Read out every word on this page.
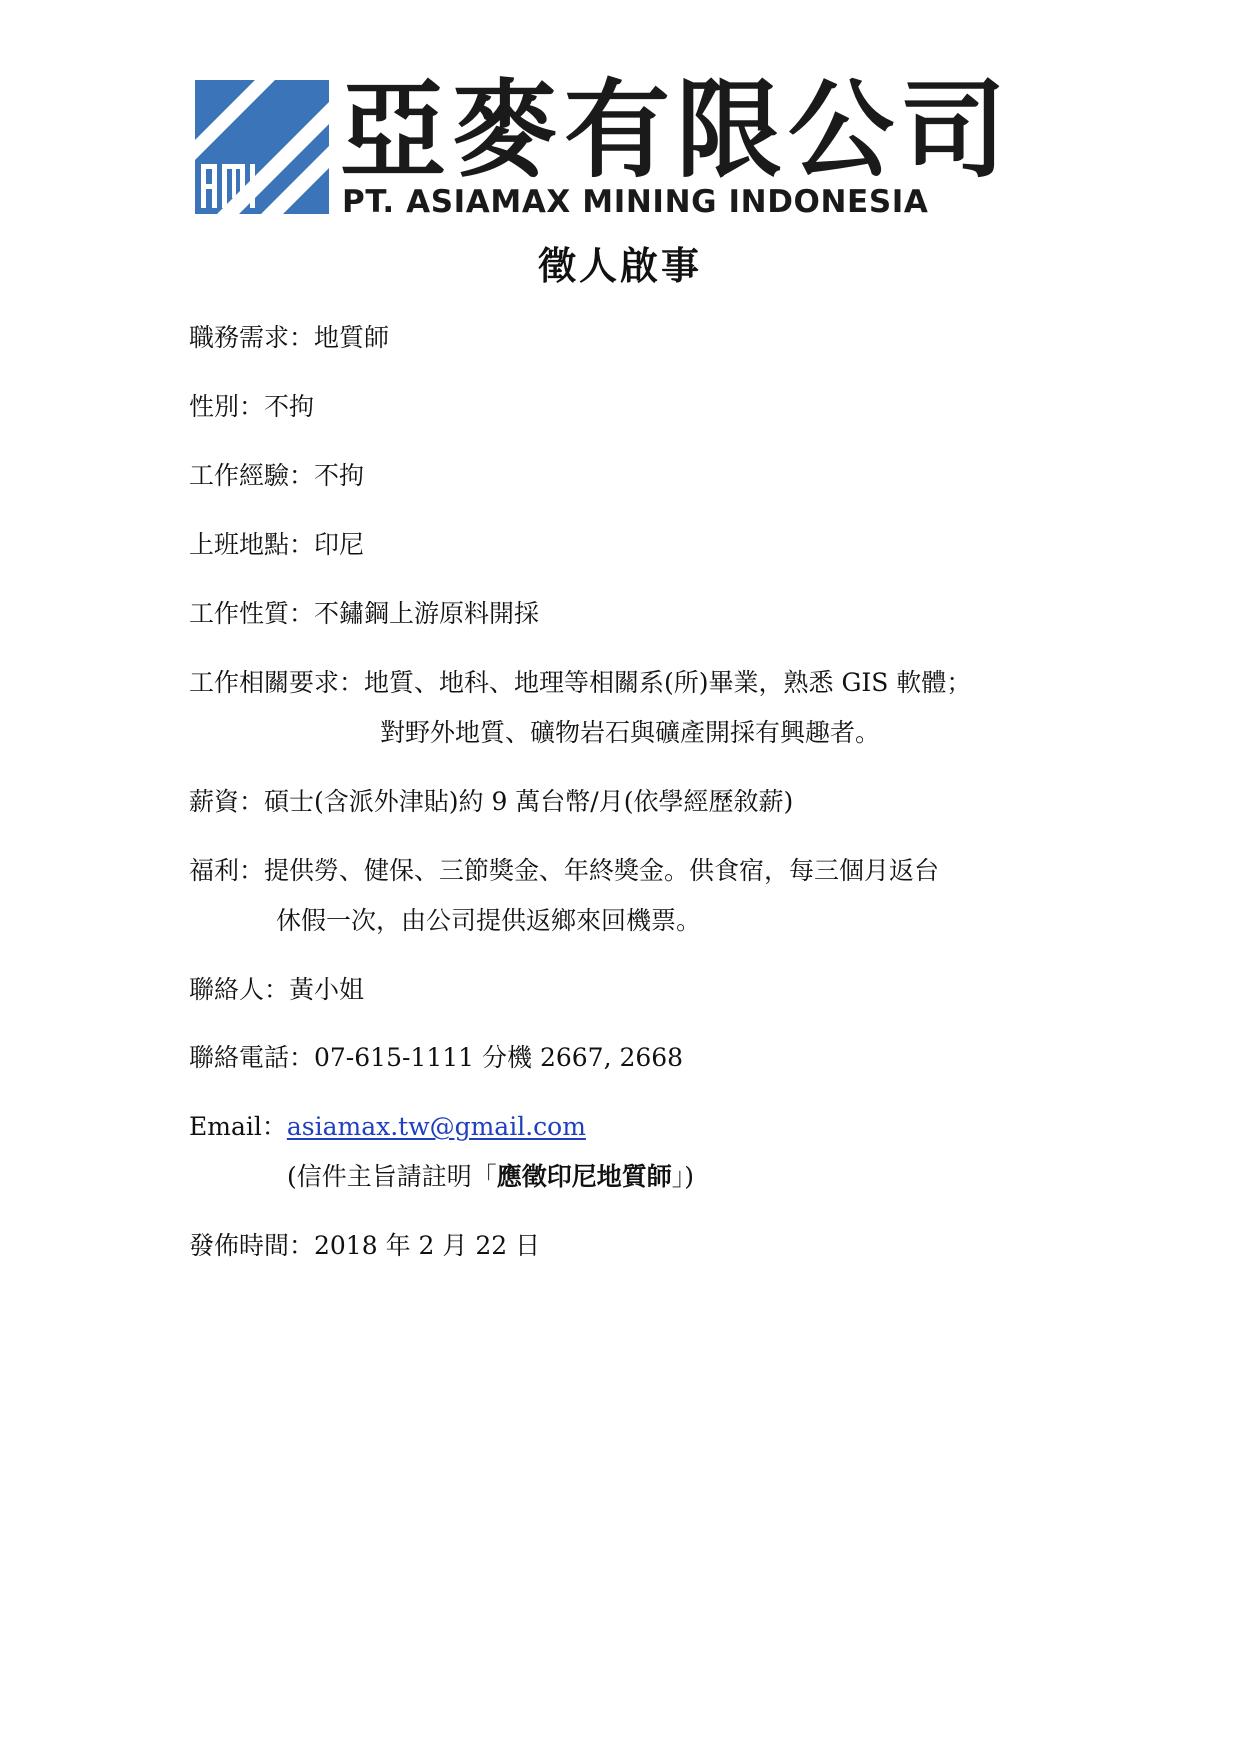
亞麥有限公司
PT. ASIAMAX MINING INDONESIA
徵人啟事
職務需求：地質師
性別：不拘
工作經驗：不拘
上班地點：印尼
工作性質：不鏽鋼上游原料開採
工作相關要求：地質、地科、地理等相關系(所)畢業，熟悉 GIS 軟體；
對野外地質、礦物岩石與礦產開採有興趣者。
薪資：碩士(含派外津貼)約 9 萬台幣/月(依學經歷敘薪)
福利：提供勞、健保、三節獎金、年終獎金。供食宿，每三個月返台
休假一次，由公司提供返鄉來回機票。
聯絡人：黃小姐
聯絡電話：07-615-1111 分機 2667, 2668
Email：asiamax.tw@gmail.com
(信件主旨請註明「應徵印尼地質師」)
發佈時間：2018 年 2 月 22 日
